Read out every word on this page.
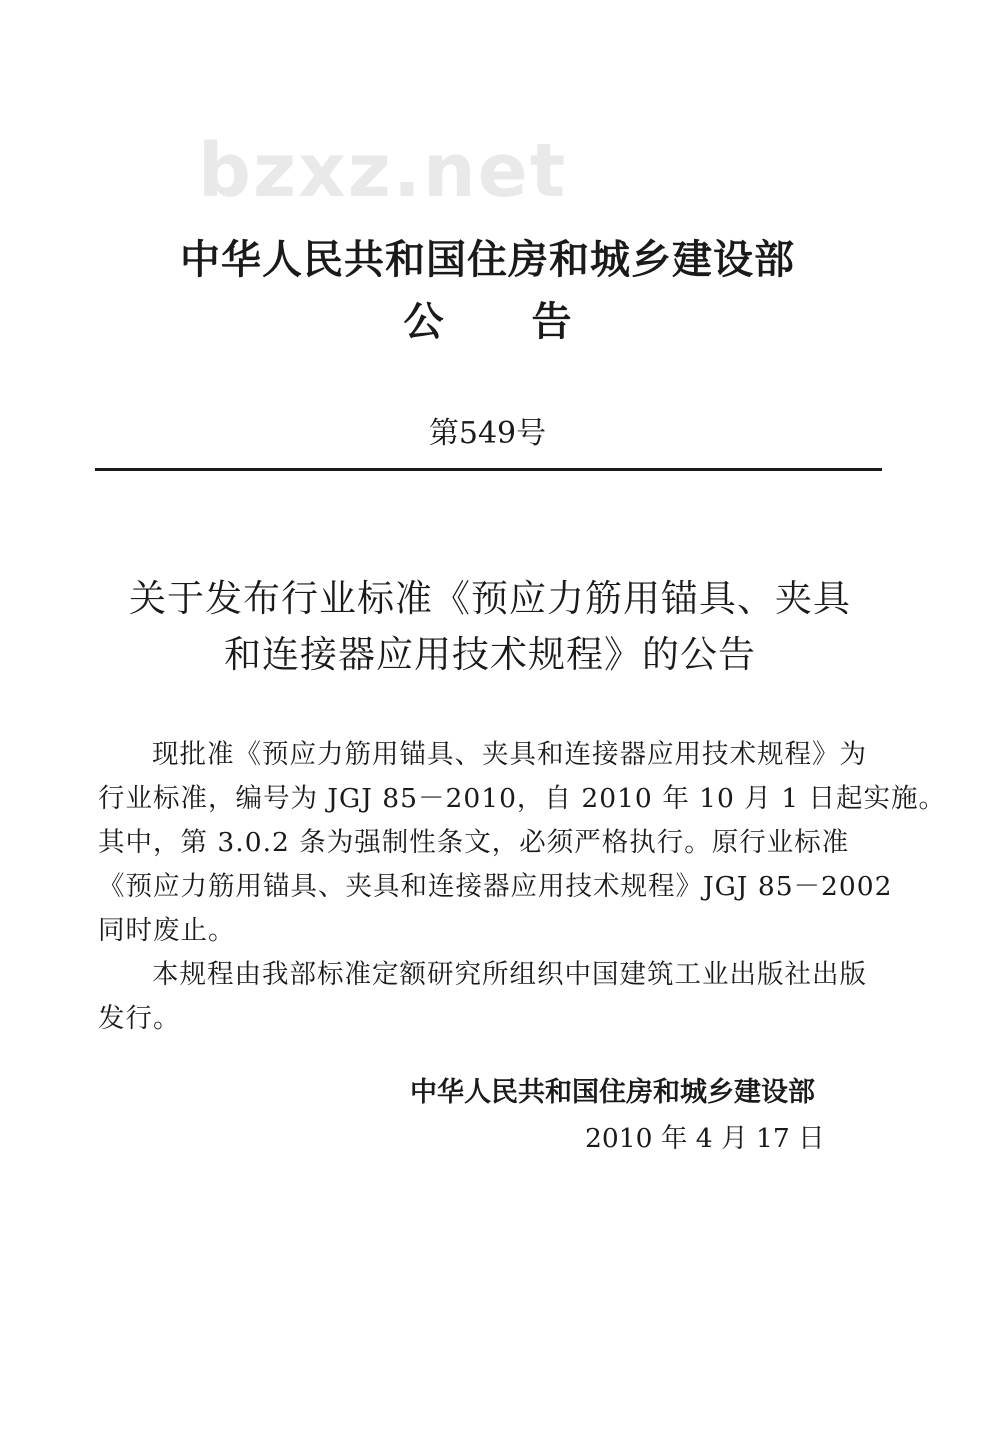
bzxz.net
中华人民共和国住房和城乡建设部
公告
第549号
关于发布行业标准《预应力筋用锚具、夹具
和连接器应用技术规程》的公告
现批准《预应力筋用锚具、夹具和连接器应用技术规程》为
行业标准，编号为 JGJ 85－2010，自 2010 年 10 月 1 日起实施。
其中，第 3.0.2 条为强制性条文，必须严格执行。原行业标准
《预应力筋用锚具、夹具和连接器应用技术规程》JGJ 85－2002
同时废止。
本规程由我部标准定额研究所组织中国建筑工业出版社出版
发行。
中华人民共和国住房和城乡建设部
2010 年 4 月 17 日
